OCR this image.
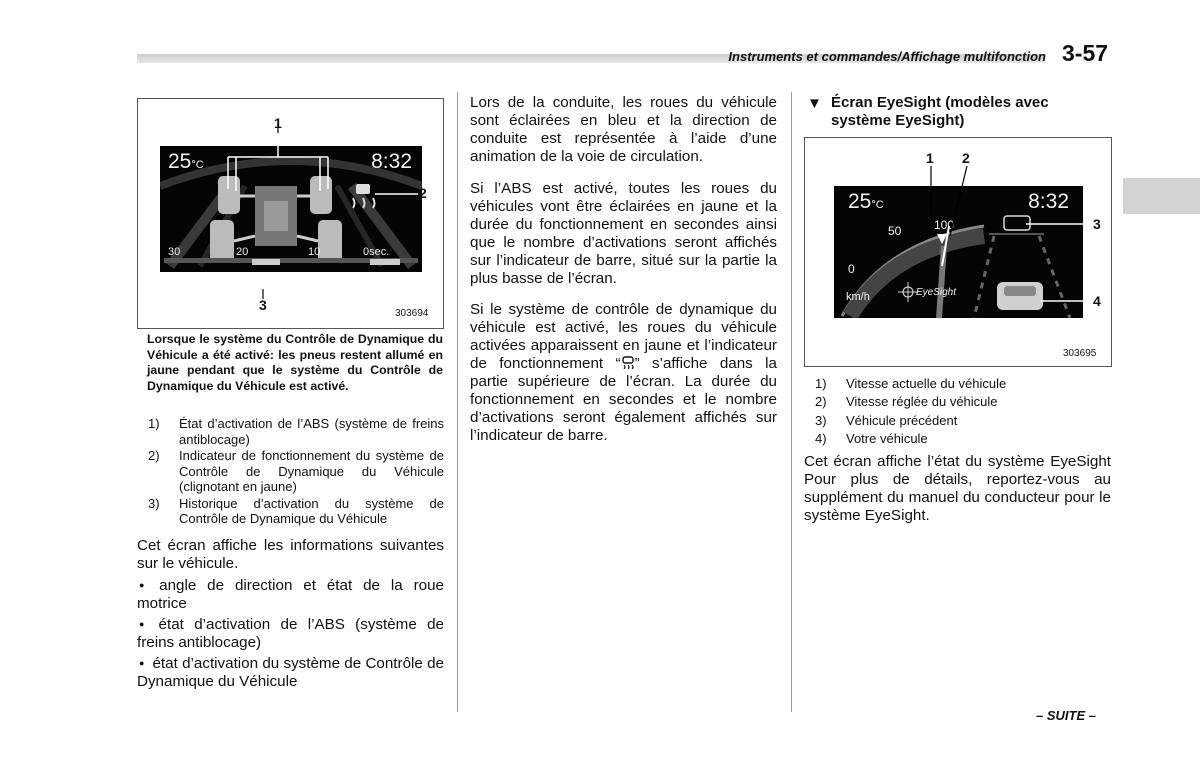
Instruments et commandes/Affichage multifonction 3-57
25°C	8:32
30	20	10	0sec.
1
2
3
303694

Lorsque le système du Contrôle de Dynamique du Véhicule a été activé: les pneus restent allumé en jaune pendant que le système du Contrôle de Dynamique du Véhicule est activé.

1) État d’activation de l’ABS (système de freins antiblocage)
2) Indicateur de fonctionnement du système de Contrôle de Dynamique du Véhicule (clignotant en jaune)
3) Historique d’activation du système de Contrôle de Dynamique du Véhicule

Cet écran affiche les informations suivantes sur le véhicule.

● angle de direction et état de la roue motrice

● état d’activation de l’ABS (système de freins antiblocage)

● état d’activation du système de Contrôle de Dynamique du Véhicule

Lors de la conduite, les roues du véhicule sont éclairées en bleu et la direction de conduite est représentée à l’aide d’une animation de la voie de circulation.

Si l’ABS est activé, toutes les roues du véhicules vont être éclairées en jaune et la durée du fonctionnement en secondes ainsi que le nombre d’activations seront affichés sur l’indicateur de barre, situé sur la partie la plus basse de l’écran.

Si le système de contrôle de dynamique du véhicule est activé, les roues du véhicule activées apparaissent en jaune et l’indicateur de fonctionnement “ ” s’affiche dans la partie supérieure de l’écran. La durée du fonctionnement en secondes et le nombre d’activations seront également affichés sur l’indicateur de barre.

▼ Écran EyeSight (modèles avec système EyeSight)
25°C	8:32
100
50
0
km/h	EyeSight
1 2
3
4
303695
1) Vitesse actuelle du véhicule
2) Vitesse réglée du véhicule
3) Véhicule précédent
4) Votre véhicule

Cet écran affiche l’état du système EyeSight Pour plus de détails, reportez-vous au supplément du manuel du conducteur pour le système EyeSight.

– SUITE –
